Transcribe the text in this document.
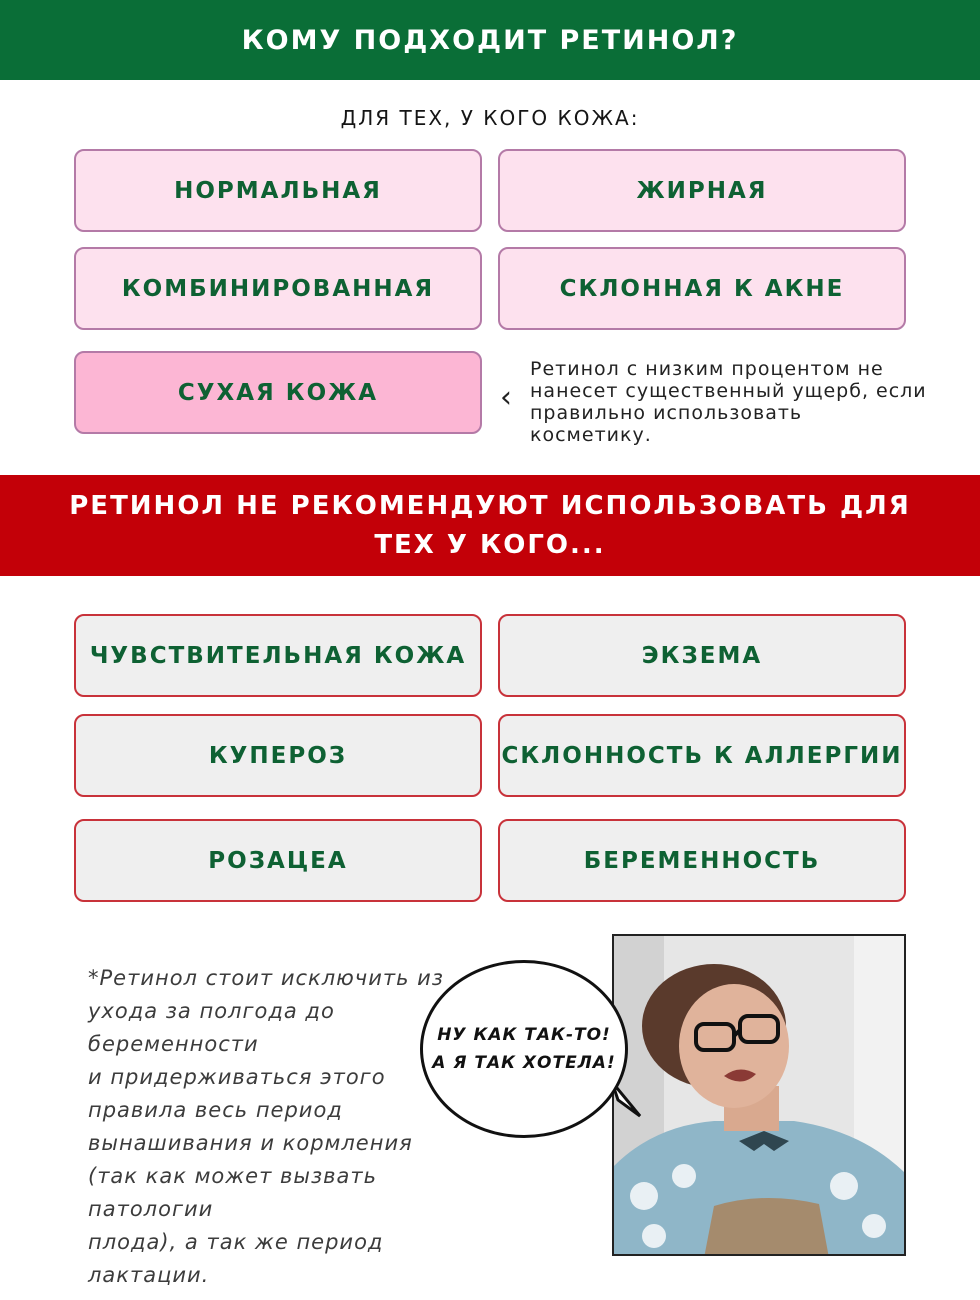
КОМУ ПОДХОДИТ РЕТИНОЛ?
ДЛЯ ТЕХ, У КОГО КОЖА:
НОРМАЛЬНАЯ	ЖИРНАЯ
КОМБИНИРОВАННАЯ	СКЛОННАЯ К АКНЕ
СУХАЯ КОЖА	‹
Ретинол с низким процентом не
нанесет существенный ущерб, если
правильно использовать косметику.
РЕТИНОЛ НЕ РЕКОМЕНДУЮТ ИСПОЛЬЗОВАТЬ ДЛЯ
ТЕХ У КОГО...
ЧУВСТВИТЕЛЬНАЯ КОЖА	ЭКЗЕМА
КУПЕРОЗ	СКЛОННОСТЬ К АЛЛЕРГИИ
РОЗАЦЕА	БЕРЕМЕННОСТЬ

*Ретинол стоит исключить из

ухода за полгода до

беременности

и придерживаться этого

правила весь период

вынашивания и кормления

(так как может вызвать патологии

плода), а так же период

лактации.

НУ КАК ТАК-ТО!
А Я ТАК ХОТЕЛА!
